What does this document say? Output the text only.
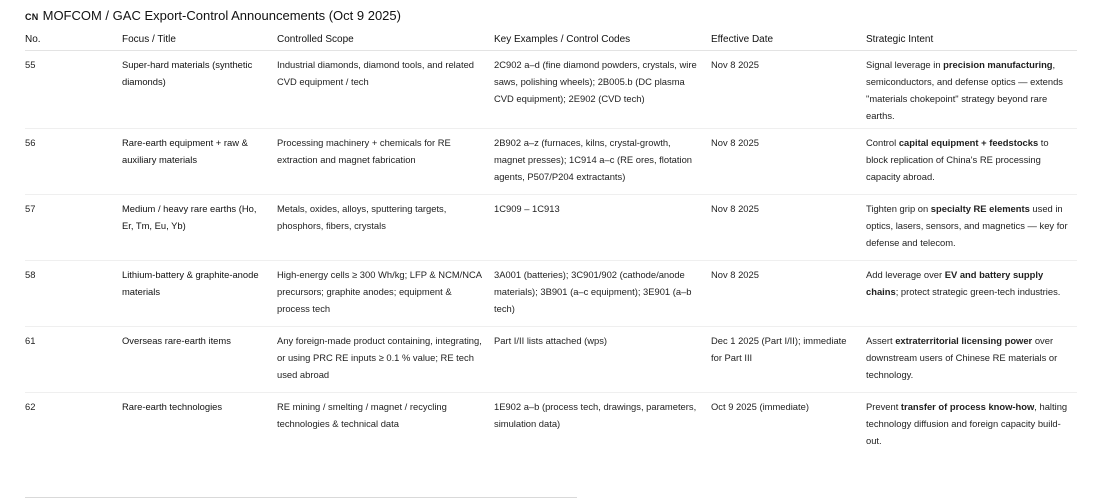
CN MOFCOM / GAC Export-Control Announcements (Oct 9 2025)
No.	Focus / Title	Controlled Scope	Key Examples / Control Codes	Effective Date	Strategic Intent
55	Super-hard materials (synthetic diamonds)	Industrial diamonds, diamond tools, and related CVD equipment / tech	2C902 a–d (fine diamond powders, crystals, wire saws, polishing wheels); 2B005.b (DC plasma CVD equipment); 2E902 (CVD tech)	Nov 8 2025	Signal leverage in precision manufacturing, semiconductors, and defense optics — extends "materials chokepoint" strategy beyond rare earths.
56	Rare-earth equipment + raw & auxiliary materials	Processing machinery + chemicals for RE extraction and magnet fabrication	2B902 a–z (furnaces, kilns, crystal-growth, magnet presses); 1C914 a–c (RE ores, flotation agents, P507/P204 extractants)	Nov 8 2025	Control capital equipment + feedstocks to block replication of China's RE processing capacity abroad.
57	Medium / heavy rare earths (Ho, Er, Tm, Eu, Yb)	Metals, oxides, alloys, sputtering targets, phosphors, fibers, crystals	1C909 – 1C913	Nov 8 2025	Tighten grip on specialty RE elements used in optics, lasers, sensors, and magnetics — key for defense and telecom.
58	Lithium-battery & graphite-anode materials	High-energy cells ≥ 300 Wh/kg; LFP & NCM/NCA precursors; graphite anodes; equipment & process tech	3A001 (batteries); 3C901/902 (cathode/anode materials); 3B901 (a–c equipment); 3E901 (a–b tech)	Nov 8 2025	Add leverage over EV and battery supply chains; protect strategic green-tech industries.
61	Overseas rare-earth items	Any foreign-made product containing, integrating, or using PRC RE inputs ≥ 0.1 % value; RE tech used abroad	Part I/II lists attached (wps)	Dec 1 2025 (Part I/II); immediate for Part III	Assert extraterritorial licensing power over downstream users of Chinese RE materials or technology.
62	Rare-earth technologies	RE mining / smelting / magnet / recycling technologies & technical data	1E902 a–b (process tech, drawings, parameters, simulation data)	Oct 9 2025 (immediate)	Prevent transfer of process know-how, halting technology diffusion and foreign capacity build-out.
